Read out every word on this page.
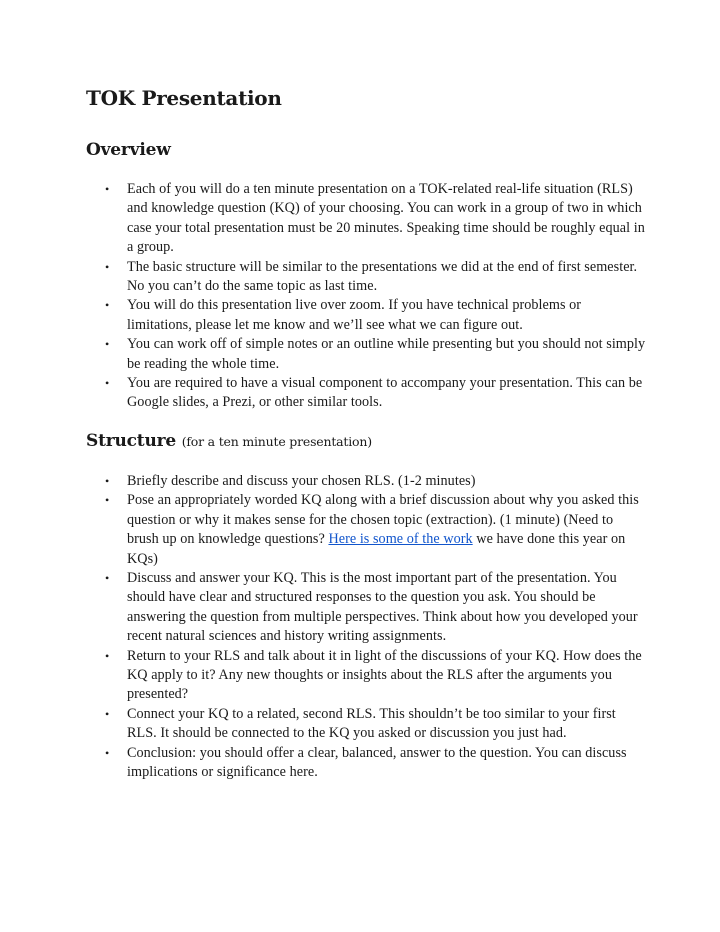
TOK Presentation
Overview
• Each of you will do a ten minute presentation on a TOK-related real-life situation (RLS) and knowledge question (KQ) of your choosing. You can work in a group of two in which case your total presentation must be 20 minutes. Speaking time should be roughly equal in a group.
• The basic structure will be similar to the presentations we did at the end of first semester. No you can’t do the same topic as last time.
• You will do this presentation live over zoom. If you have technical problems or limitations, please let me know and we’ll see what we can figure out.
• You can work off of simple notes or an outline while presenting but you should not simply be reading the whole time.
• You are required to have a visual component to accompany your presentation. This can be Google slides, a Prezi, or other similar tools.
Structure (for a ten minute presentation)
• Briefly describe and discuss your chosen RLS. (1-2 minutes)
• Pose an appropriately worded KQ along with a brief discussion about why you asked this question or why it makes sense for the chosen topic (extraction). (1 minute) (Need to brush up on knowledge questions? Here is some of the work we have done this year on KQs)
• Discuss and answer your KQ. This is the most important part of the presentation. You should have clear and structured responses to the question you ask. You should be answering the question from multiple perspectives. Think about how you developed your recent natural sciences and history writing assignments.
• Return to your RLS and talk about it in light of the discussions of your KQ. How does the KQ apply to it? Any new thoughts or insights about the RLS after the arguments you presented?
• Connect your KQ to a related, second RLS. This shouldn’t be too similar to your first RLS. It should be connected to the KQ you asked or discussion you just had.
• Conclusion: you should offer a clear, balanced, answer to the question. You can discuss implications or significance here.
